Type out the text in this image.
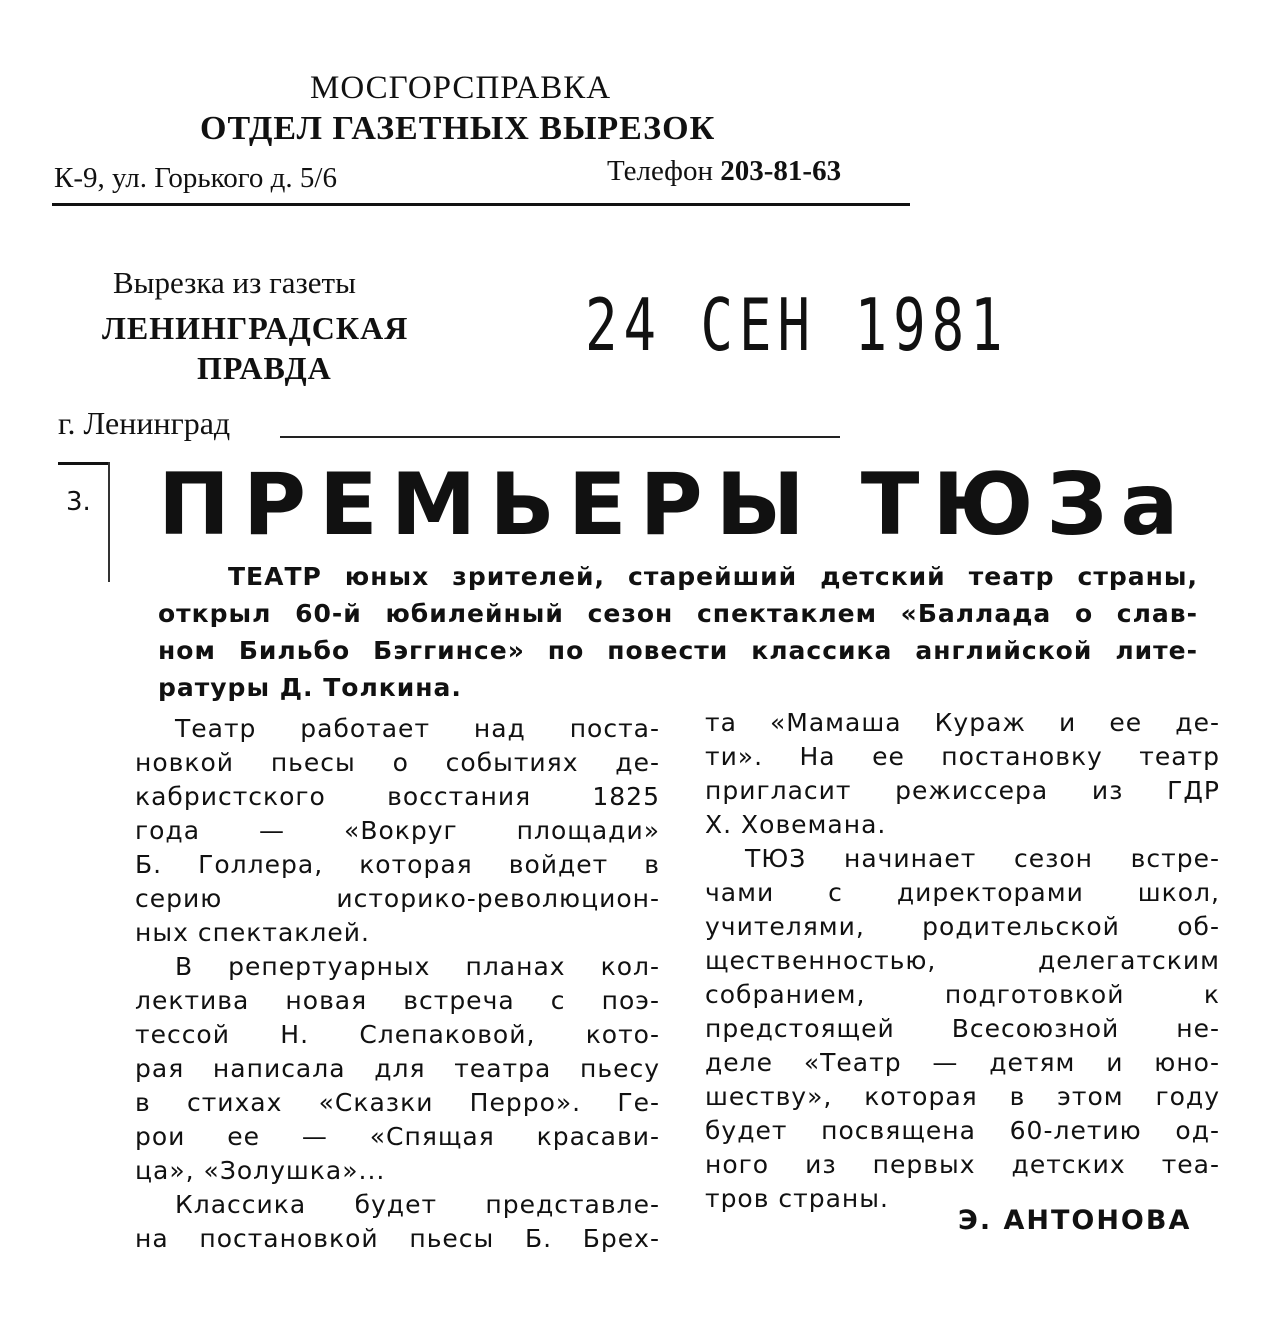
МОСГОРСПРАВКА
ОТДЕЛ ГАЗЕТНЫХ ВЫРЕЗОК
К-9, ул. Горького д. 5/6	Телефон 203-81-63
Вырезка из газеты
ЛЕНИНГРАДСКАЯ
ПРАВДА
24 СЕН 1981
г. Ленинград
3. ПРЕМЬЕРЫ ТЮЗа
ТЕАТР юных зрителей, старейший детский театр страны,
открыл 60-й юбилейный сезон спектаклем «Баллада о слав-
ном Бильбо Бэггинсе» по повести классика английской лите-
ратуры Д. Толкина.
Театр работает над поста-
новкой пьесы о событиях де-
кабристского восстания 1825
года — «Вокруг площади»
Б. Голлера, которая войдет в
серию историко-революцион-
ных спектаклей.
В репертуарных планах кол-
лектива новая встреча с поэ-
тессой Н. Слепаковой, кото-
рая написала для театра пьесу
в стихах «Сказки Перро». Ге-
рои ее — «Спящая красави-
ца», «Золушка»...
Классика будет представле-
на постановкой пьесы Б. Брех-
та «Мамаша Кураж и ее де-
ти». На ее постановку театр
пригласит режиссера из ГДР
Х. Ховемана.
ТЮЗ начинает сезон встре-
чами с директорами школ,
учителями, родительской об-
щественностью, делегатским
собранием, подготовкой к
предстоящей Всесоюзной не-
деле «Театр — детям и юно-
шеству», которая в этом году
будет посвящена 60-летию од-
ного из первых детских теа-
тров страны.
Э. АНТОНОВА
